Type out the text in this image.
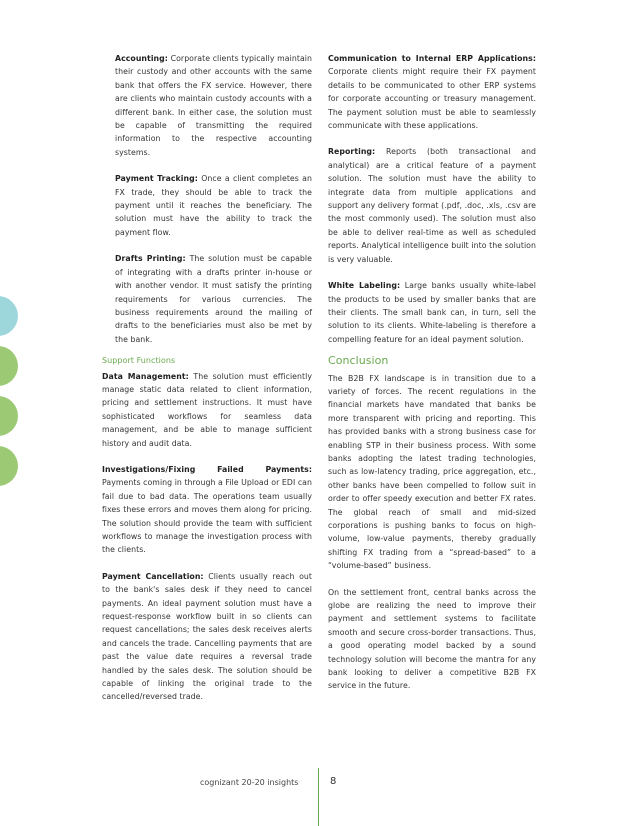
Accounting: Corporate clients typically maintain their custody and other accounts with the same bank that offers the FX service. However, there are clients who maintain custody accounts with a different bank. In either case, the solution must be capable of transmitting the required information to the respective accounting systems.

Payment Tracking: Once a client completes an FX trade, they should be able to track the payment until it reaches the beneficiary. The solution must have the ability to track the payment flow.

Drafts Printing: The solution must be capable of integrating with a drafts printer in-house or with another vendor. It must satisfy the printing requirements for various currencies. The business requirements around the mailing of drafts to the beneficiaries must also be met by the bank.

Support Functions

Data Management: The solution must efficiently manage static data related to client information, pricing and settlement instructions. It must have sophisticated workflows for seamless data management, and be able to manage sufficient history and audit data.

Investigations/Fixing Failed Payments: Payments coming in through a File Upload or EDI can fail due to bad data. The operations team usually fixes these errors and moves them along for pricing. The solution should provide the team with sufficient workflows to manage the investigation process with the clients.

Payment Cancellation: Clients usually reach out to the bank's sales desk if they need to cancel payments. An ideal payment solution must have a request-response workflow built in so clients can request cancellations; the sales desk receives alerts and cancels the trade. Cancelling payments that are past the value date requires a reversal trade handled by the sales desk. The solution should be capable of linking the original trade to the cancelled/reversed trade.

Communication to Internal ERP Applications: Corporate clients might require their FX payment details to be communicated to other ERP systems for corporate accounting or treasury management. The payment solution must be able to seamlessly communicate with these applications.

Reporting: Reports (both transactional and analytical) are a critical feature of a payment solution. The solution must have the ability to integrate data from multiple applications and support any delivery format (.pdf, .doc, .xls, .csv are the most commonly used). The solution must also be able to deliver real-time as well as scheduled reports. Analytical intelligence built into the solution is very valuable.

White Labeling: Large banks usually white-label the products to be used by smaller banks that are their clients. The small bank can, in turn, sell the solution to its clients. White-labeling is therefore a compelling feature for an ideal payment solution.

Conclusion

The B2B FX landscape is in transition due to a variety of forces. The recent regulations in the financial markets have mandated that banks be more transparent with pricing and reporting. This has provided banks with a strong business case for enabling STP in their business process. With some banks adopting the latest trading technologies, such as low-latency trading, price aggregation, etc., other banks have been compelled to follow suit in order to offer speedy execution and better FX rates. The global reach of small and mid-sized corporations is pushing banks to focus on high-volume, low-value payments, thereby gradually shifting FX trading from a “spread-based” to a “volume-based” business.

On the settlement front, central banks across the globe are realizing the need to improve their payment and settlement systems to facilitate smooth and secure cross-border transactions. Thus, a good operating model backed by a sound technology solution will become the mantra for any bank looking to deliver a competitive B2B FX service in the future.

cognizant 20-20 insights	8
